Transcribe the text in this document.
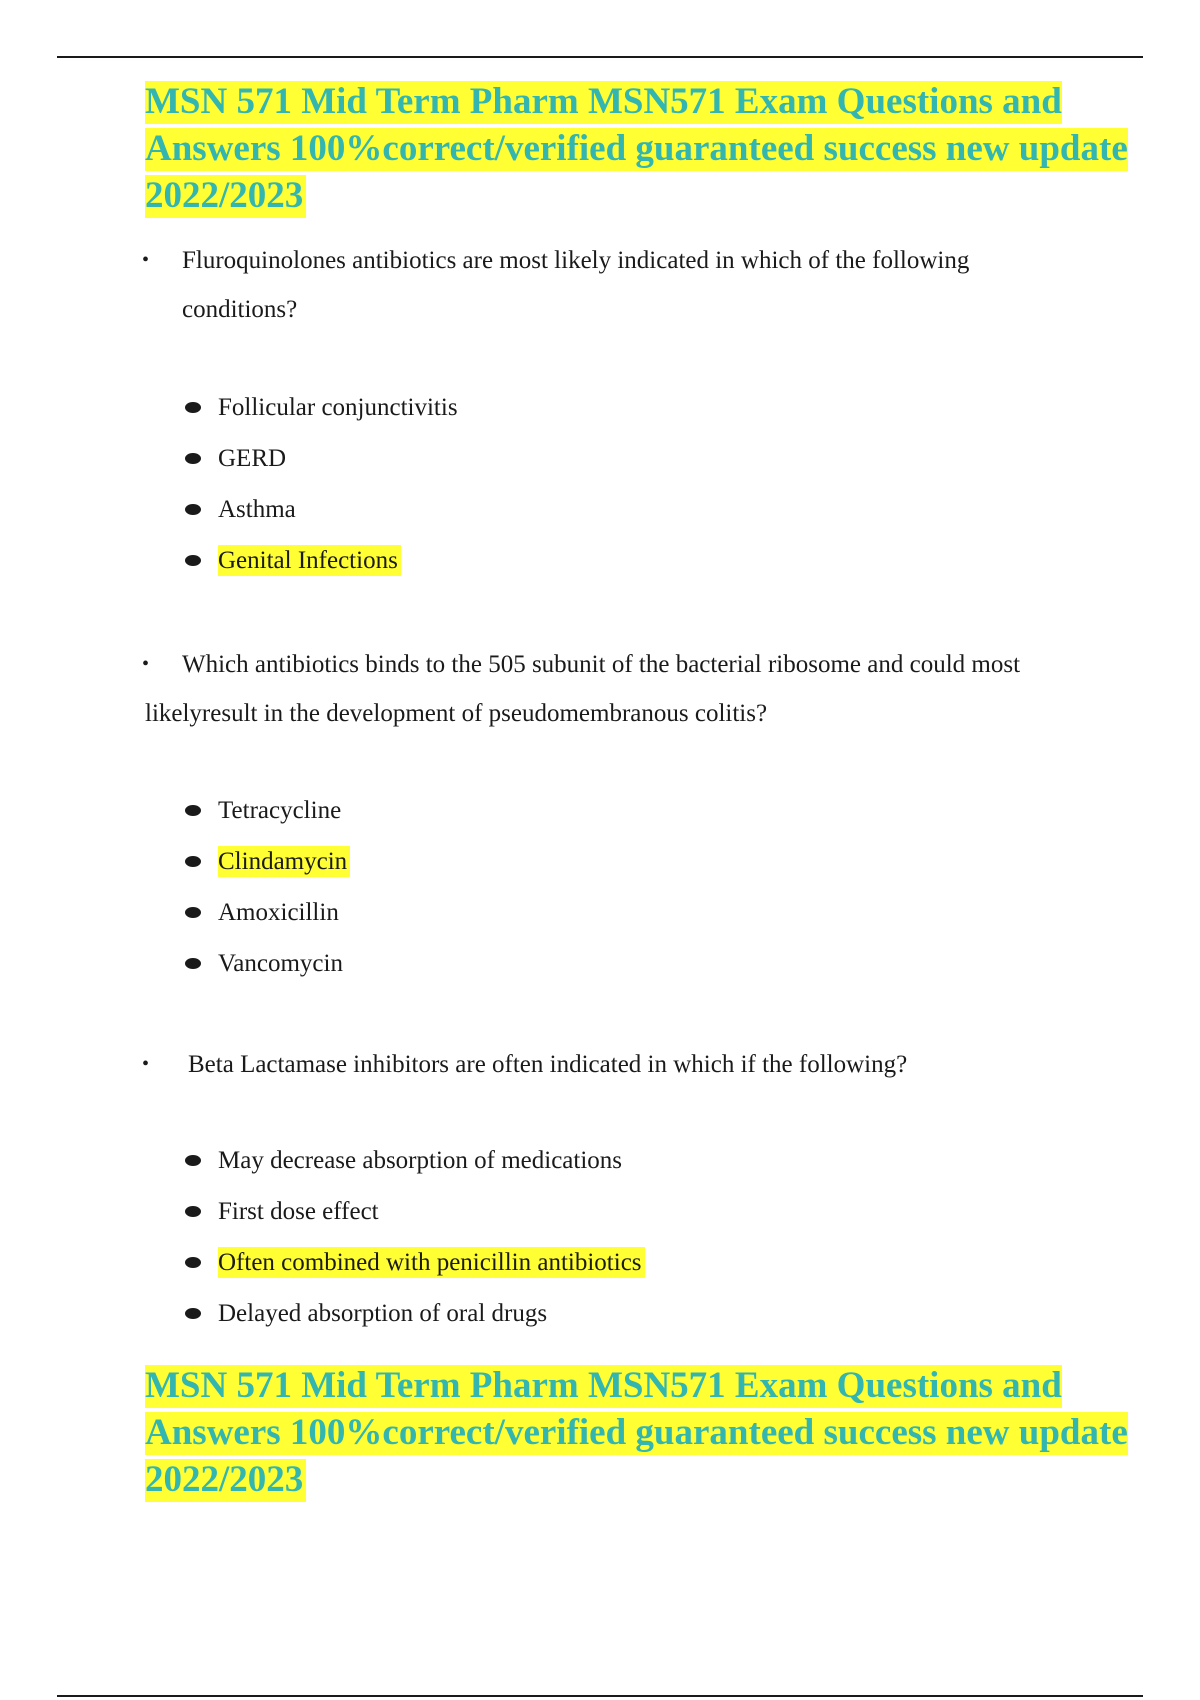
MSN 571 Mid Term Pharm MSN571 Exam Questions and Answers 100%correct/verified guaranteed success new update 2022/2023

• Fluroquinolones antibiotics are most likely indicated in which of the following conditions?

Follicular conjunctivitis
GERD
Asthma
Genital Infections

• Which antibiotics binds to the 505 subunit of the bacterial ribosome and could most likelyresult in the development of pseudomembranous colitis?

Tetracycline
Clindamycin
Amoxicillin
Vancomycin

• Beta Lactamase inhibitors are often indicated in which if the following?

May decrease absorption of medications
First dose effect
Often combined with penicillin antibiotics
Delayed absorption of oral drugs
MSN 571 Mid Term Pharm MSN571 Exam Questions and Answers 100%correct/verified guaranteed success new update 2022/2023
